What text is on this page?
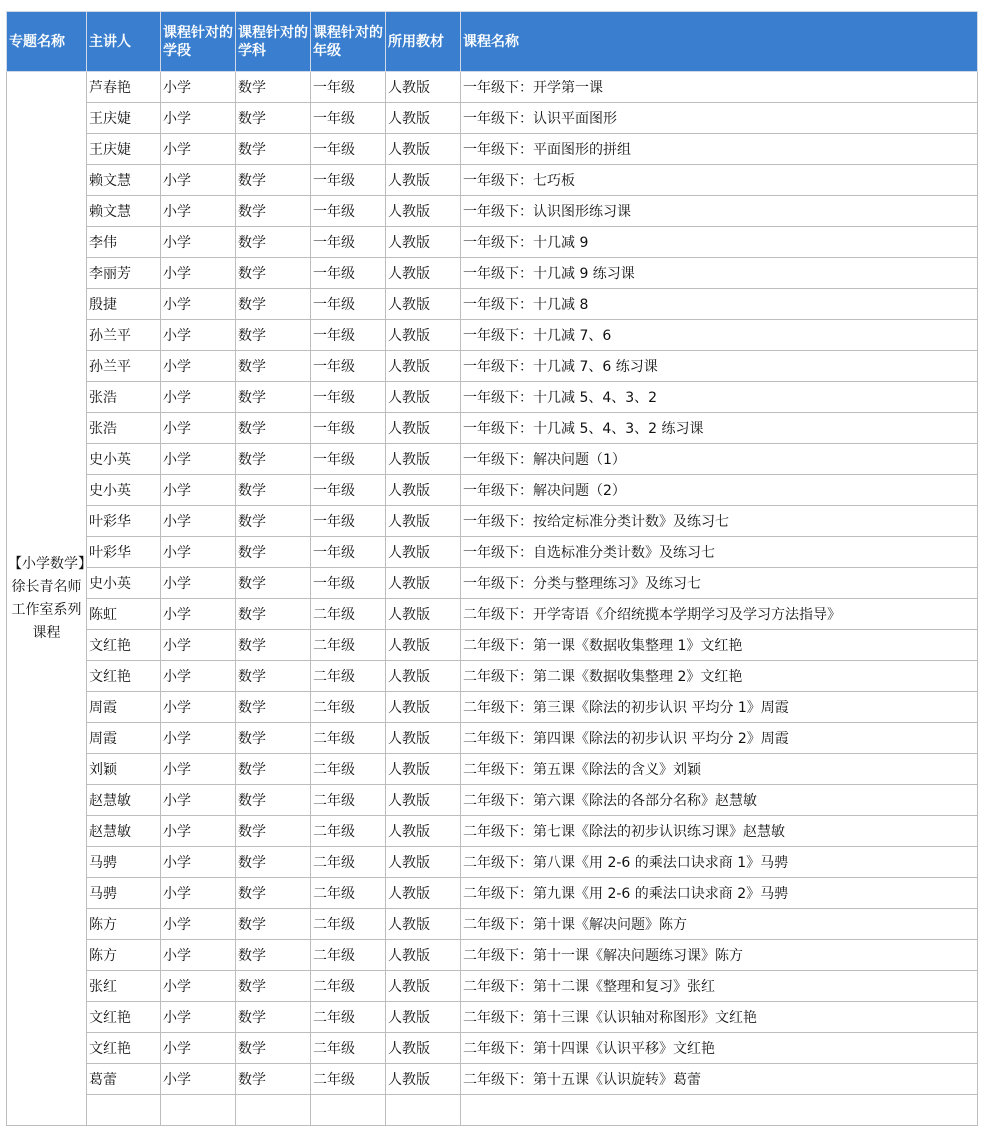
专题名称	主讲人	课程针对的学段	课程针对的学科	课程针对的年级	所用教材	课程名称
【小学数学】徐长青名师工作室系列课程	芦春艳	小学	数学	一年级	人教版	一年级下：开学第一课
	王庆婕	小学	数学	一年级	人教版	一年级下：认识平面图形
	王庆婕	小学	数学	一年级	人教版	一年级下：平面图形的拼组
	赖文慧	小学	数学	一年级	人教版	一年级下：七巧板
	赖文慧	小学	数学	一年级	人教版	一年级下：认识图形练习课
	李伟	小学	数学	一年级	人教版	一年级下：十几减 9
	李丽芳	小学	数学	一年级	人教版	一年级下：十几减 9 练习课
	殷捷	小学	数学	一年级	人教版	一年级下：十几减 8
	孙兰平	小学	数学	一年级	人教版	一年级下：十几减 7、6
	孙兰平	小学	数学	一年级	人教版	一年级下：十几减 7、6 练习课
	张浩	小学	数学	一年级	人教版	一年级下：十几减 5、4、3、2
	张浩	小学	数学	一年级	人教版	一年级下：十几减 5、4、3、2 练习课
	史小英	小学	数学	一年级	人教版	一年级下：解决问题（1）
	史小英	小学	数学	一年级	人教版	一年级下：解决问题（2）
	叶彩华	小学	数学	一年级	人教版	一年级下：按给定标准分类计数》及练习七
	叶彩华	小学	数学	一年级	人教版	一年级下：自选标准分类计数》及练习七
	史小英	小学	数学	一年级	人教版	一年级下：分类与整理练习》及练习七
	陈虹	小学	数学	二年级	人教版	二年级下：开学寄语《介绍统揽本学期学习及学习方法指导》
	文红艳	小学	数学	二年级	人教版	二年级下：第一课《数据收集整理 1》文红艳
	文红艳	小学	数学	二年级	人教版	二年级下：第二课《数据收集整理 2》文红艳
	周霞	小学	数学	二年级	人教版	二年级下：第三课《除法的初步认识 平均分 1》周霞
	周霞	小学	数学	二年级	人教版	二年级下：第四课《除法的初步认识 平均分 2》周霞
	刘颖	小学	数学	二年级	人教版	二年级下：第五课《除法的含义》刘颖
	赵慧敏	小学	数学	二年级	人教版	二年级下：第六课《除法的各部分名称》赵慧敏
	赵慧敏	小学	数学	二年级	人教版	二年级下：第七课《除法的初步认识练习课》赵慧敏
	马骋	小学	数学	二年级	人教版	二年级下：第八课《用 2-6 的乘法口诀求商 1》马骋
	马骋	小学	数学	二年级	人教版	二年级下：第九课《用 2-6 的乘法口诀求商 2》马骋
	陈方	小学	数学	二年级	人教版	二年级下：第十课《解决问题》陈方
	陈方	小学	数学	二年级	人教版	二年级下：第十一课《解决问题练习课》陈方
	张红	小学	数学	二年级	人教版	二年级下：第十二课《整理和复习》张红
	文红艳	小学	数学	二年级	人教版	二年级下：第十三课《认识轴对称图形》文红艳
	文红艳	小学	数学	二年级	人教版	二年级下：第十四课《认识平移》文红艳
	葛蕾	小学	数学	二年级	人教版	二年级下：第十五课《认识旋转》葛蕾
